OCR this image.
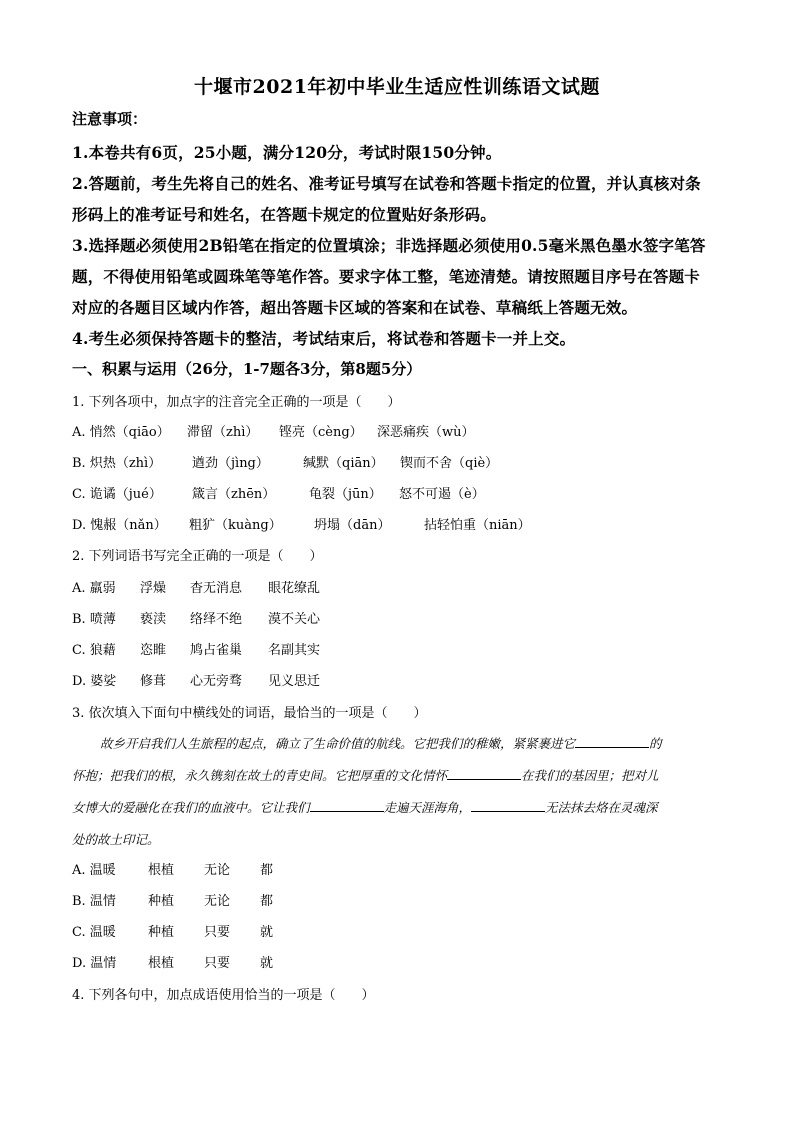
十堰市2021年初中毕业生适应性训练语文试题
注意事项：
1.本卷共有6页，25小题，满分120分，考试时限150分钟。
2.答题前，考生先将自己的姓名、准考证号填写在试卷和答题卡指定的位置，并认真核对条
形码上的准考证号和姓名，在答题卡规定的位置贴好条形码。
3.选择题必须使用2B铅笔在指定的位置填涂；非选择题必须使用0.5毫米黑色墨水签字笔答
题，不得使用铅笔或圆珠笔等笔作答。要求字体工整，笔迹清楚。请按照题目序号在答题卡
对应的各题目区域内作答，超出答题卡区域的答案和在试卷、草稿纸上答题无效。
4.考生必须保持答题卡的整洁，考试结束后，将试卷和答题卡一并上交。
一、积累与运用（26分，1-7题各3分，第8题5分）
1. 下列各项中，加点字的注音完全正确的一项是（　　）
A. 悄然（qiāo） 滞留（zhì） 铿亮（cèng） 深恶痛疾（wù）
B. 炽热（zhì） 遒劲（jìng）	缄默（qiān） 锲而不舍（qiè）
C. 诡谲（jué） 箴言（zhēn）	龟裂（jūn） 怒不可遏（è）
D. 愧赧（nǎn） 粗犷（kuàng） 坍塌（dān）	拈轻怕重（niān）
2. 下列词语书写完全正确的一项是（　　）
A. 羸弱 浮燥 杳无消息 眼花缭乱
B. 喷薄 亵渎 络绎不绝 漠不关心
C. 狼藉 恣睢 鸠占雀巢 名副其实
D. 婆娑 修葺 心无旁骛 见义思迁
3. 依次填入下面句中横线处的词语，最恰当的一项是（　　）
故乡开启我们人生旅程的起点，确立了生命价值的航线。它把我们的稚嫩，紧紧裹进它	的
怀抱；把我们的根，永久镌刻在故土的青史间。它把厚重的文化情怀	在我们的基因里；把对儿
女博大的爱融化在我们的血液中。它让我们	走遍天涯海角，	无法抹去烙在灵魂深
处的故土印记。
A. 温暖 根植 无论 都
B. 温情 种植 无论 都
C. 温暖 种植 只要 就
D. 温情 根植 只要 就
4. 下列各句中，加点成语使用恰当的一项是（　　）
